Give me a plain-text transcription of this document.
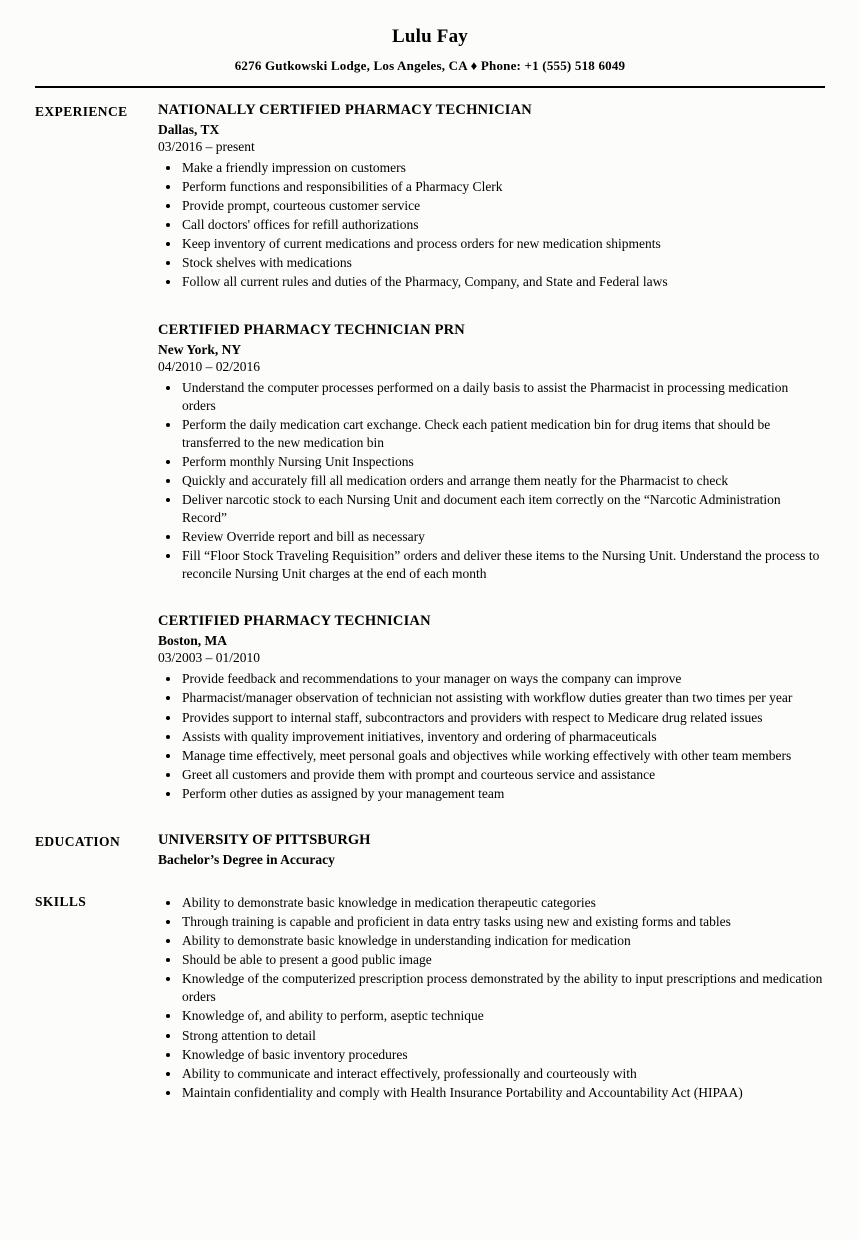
Lulu Fay
6276 Gutkowski Lodge, Los Angeles, CA ♦ Phone: +1 (555) 518 6049
EXPERIENCE	NATIONALLY CERTIFIED PHARMACY TECHNICIAN
Dallas, TX
03/2016 – present
• Make a friendly impression on customers
• Perform functions and responsibilities of a Pharmacy Clerk
• Provide prompt, courteous customer service
• Call doctors' offices for refill authorizations
• Keep inventory of current medications and process orders for new medication shipments
• Stock shelves with medications
• Follow all current rules and duties of the Pharmacy, Company, and State and Federal laws
CERTIFIED PHARMACY TECHNICIAN PRN
New York, NY
04/2010 – 02/2016
• Understand the computer processes performed on a daily basis to assist the Pharmacist in processing medication orders
• Perform the daily medication cart exchange. Check each patient medication bin for drug items that should be transferred to the new medication bin
• Perform monthly Nursing Unit Inspections
• Quickly and accurately fill all medication orders and arrange them neatly for the Pharmacist to check
• Deliver narcotic stock to each Nursing Unit and document each item correctly on the “Narcotic Administration Record”
• Review Override report and bill as necessary
• Fill “Floor Stock Traveling Requisition” orders and deliver these items to the Nursing Unit. Understand the process to reconcile Nursing Unit charges at the end of each month
CERTIFIED PHARMACY TECHNICIAN
Boston, MA
03/2003 – 01/2010
• Provide feedback and recommendations to your manager on ways the company can improve
• Pharmacist/manager observation of technician not assisting with workflow duties greater than two times per year
• Provides support to internal staff, subcontractors and providers with respect to Medicare drug related issues
• Assists with quality improvement initiatives, inventory and ordering of pharmaceuticals
• Manage time effectively, meet personal goals and objectives while working effectively with other team members
• Greet all customers and provide them with prompt and courteous service and assistance
• Perform other duties as assigned by your management team
EDUCATION	UNIVERSITY OF PITTSBURGH
Bachelor’s Degree in Accuracy
SKILLS	• Ability to demonstrate basic knowledge in medication therapeutic categories
• Through training is capable and proficient in data entry tasks using new and existing forms and tables
• Ability to demonstrate basic knowledge in understanding indication for medication
• Should be able to present a good public image
• Knowledge of the computerized prescription process demonstrated by the ability to input prescriptions and medication orders
• Knowledge of, and ability to perform, aseptic technique
• Strong attention to detail
• Knowledge of basic inventory procedures
• Ability to communicate and interact effectively, professionally and courteously with
• Maintain confidentiality and comply with Health Insurance Portability and Accountability Act (HIPAA)
